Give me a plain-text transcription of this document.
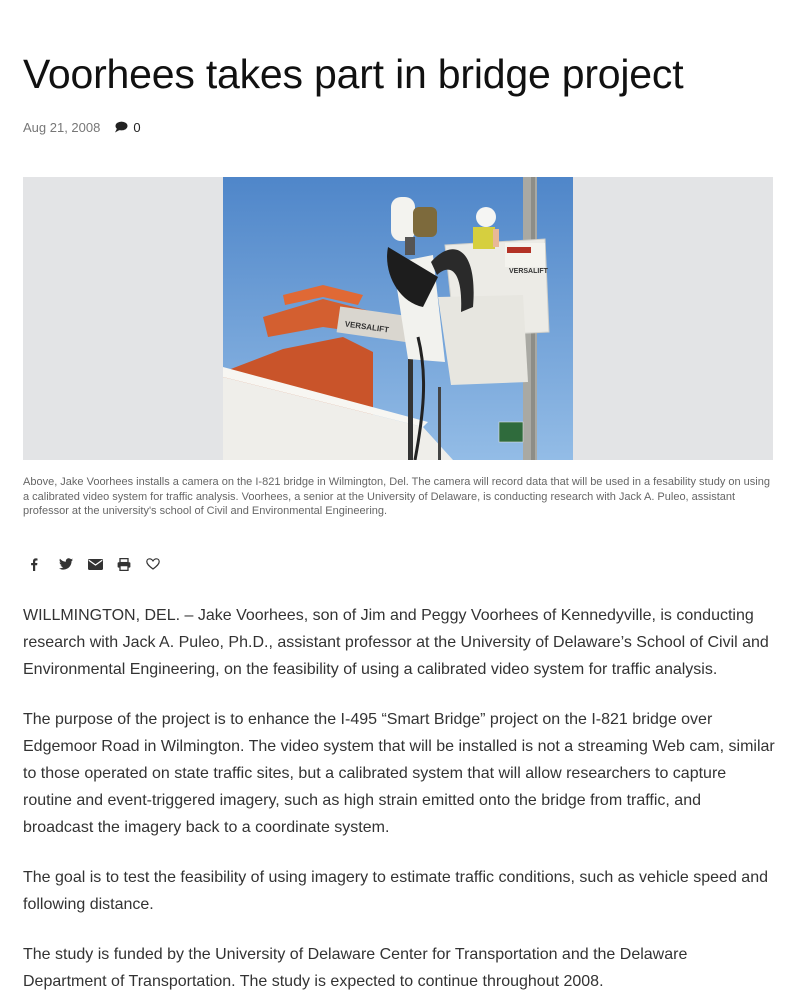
Voorhees takes part in bridge project
Aug 21, 2008	0
VERSALIFT
VERSALIFT

Above, Jake Voorhees installs a camera on the I-821 bridge in Wilmington, Del. The camera will record data that will be used in a fesability study on using a calibrated video system for traffic analysis. Voorhees, a senior at the University of Delaware, is conducting research with Jack A. Puleo, assistant professor at the university's school of Civil and Environmental Engineering.

WILLMINGTON, DEL. – Jake Voorhees, son of Jim and Peggy Voorhees of Kennedyville, is conducting research with Jack A. Puleo, Ph.D., assistant professor at the University of Delaware’s School of Civil and Environmental Engineering, on the feasibility of using a calibrated video system for traffic analysis.

The purpose of the project is to enhance the I-495 “Smart Bridge” project on the I-821 bridge over Edgemoor Road in Wilmington. The video system that will be installed is not a streaming Web cam, similar to those operated on state traffic sites, but a calibrated system that will allow researchers to capture routine and event-triggered imagery, such as high strain emitted onto the bridge from traffic, and broadcast the imagery back to a coordinate system.

The goal is to test the feasibility of using imagery to estimate traffic conditions, such as vehicle speed and following distance.

The study is funded by the University of Delaware Center for Transportation and the Delaware Department of Transportation. The study is expected to continue throughout 2008.
